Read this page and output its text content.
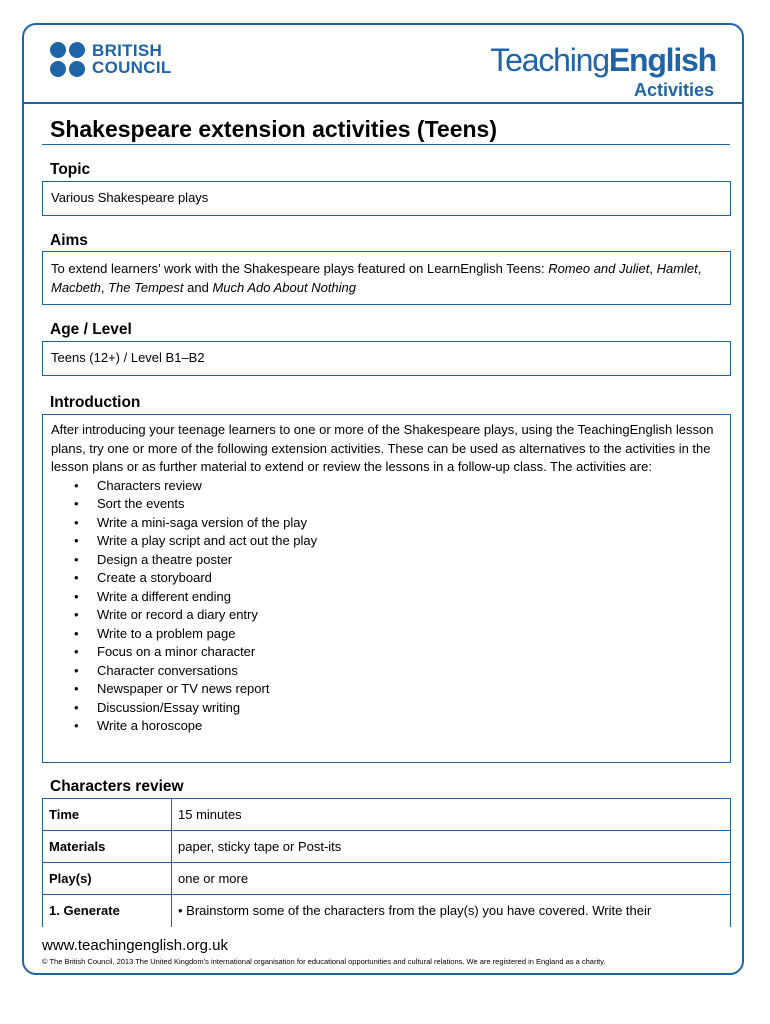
BRITISH
COUNCIL	TeachingEnglish
Activities
Shakespeare extension activities (Teens)
Topic

Various Shakespeare plays

Aims

To extend learners’ work with the Shakespeare plays featured on LearnEnglish Teens: Romeo and Juliet, Hamlet, Macbeth, The Tempest and Much Ado About Nothing

Age / Level

Teens (12+) / Level B1–B2

Introduction

After introducing your teenage learners to one or more of the Shakespeare plays, using the TeachingEnglish lesson plans, try one or more of the following extension activities. These can be used as alternatives to the activities in the lesson plans or as further material to extend or review the lessons in a follow-up class. The activities are:

• Characters review
• Sort the events
• Write a mini-saga version of the play
• Write a play script and act out the play
• Design a theatre poster
• Create a storyboard
• Write a different ending
• Write or record a diary entry
• Write to a problem page
• Focus on a minor character
• Character conversations
• Newspaper or TV news report
• Discussion/Essay writing
• Write a horoscope
Characters review
Time	15 minutes
Materials	paper, sticky tape or Post-its
Play(s)	one or more
1. Generate	• Brainstorm some of the characters from the play(s) you have covered. Write their
www.teachingenglish.org.uk
© The British Council, 2013 The United Kingdom’s international organisation for educational opportunities and cultural relations. We are registered in England as a charity.
